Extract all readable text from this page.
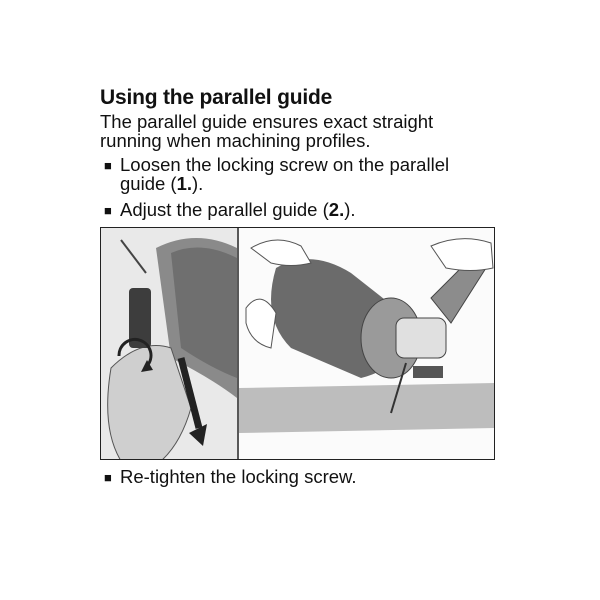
Using the parallel guide
The parallel guide ensures exact straight running when machining profiles.
■ Loosen the locking screw on the parallel
guide (1.).
■ Adjust the parallel guide (2.).
■ Re-tighten the locking screw.
